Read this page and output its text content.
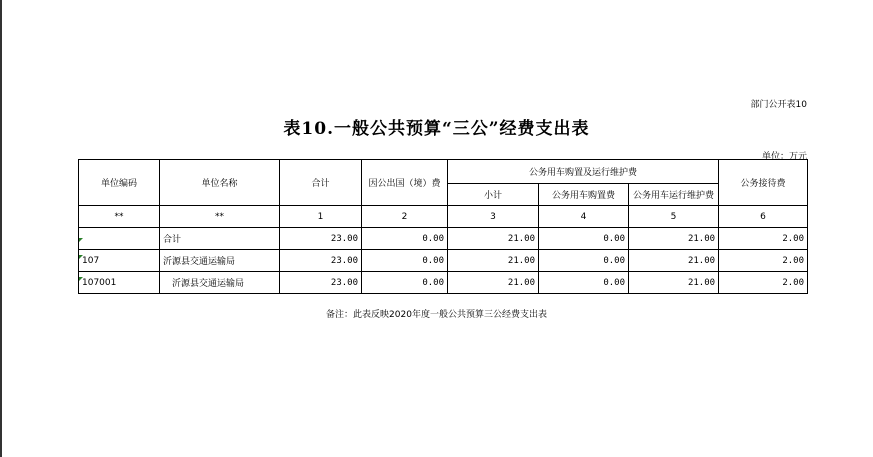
部门公开表10
表10.一般公共预算“三公”经费支出表
单位：万元
单位编码	单位名称	合计	因公出国（境）费	公务用车购置及运行维护费			公务接待费
				小计	公务用车购置费	公务用车运行维护费	
**	**	1	2	3	4	5	6

	合计	23.00	0.00	21.00	0.00	21.00	2.00

107	沂源县交通运输局	23.00	0.00	21.00	0.00	21.00	2.00

107001	沂源县交通运输局	23.00	0.00	21.00	0.00	21.00	2.00
备注：此表反映2020年度一般公共预算三公经费支出表
